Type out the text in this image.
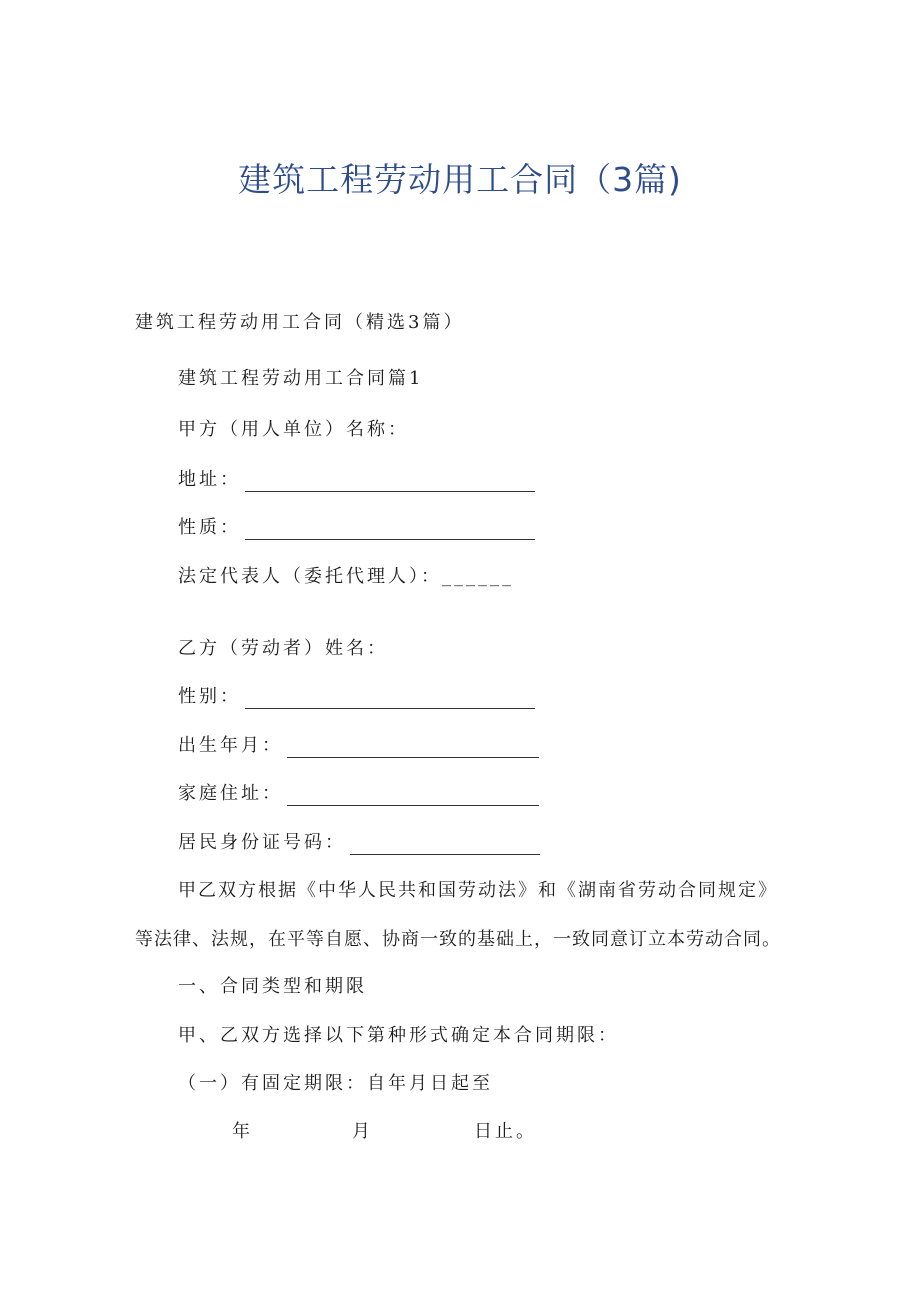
建筑工程劳动用工合同（3篇)
建筑工程劳动用工合同（精选3篇）
建筑工程劳动用工合同篇1
甲方（用人单位）名称：
地址：
性质：
法定代表人（委托代理人）：______
乙方（劳动者）姓名：
性别：
出生年月：
家庭住址：
居民身份证号码：
甲乙双方根据《中华人民共和国劳动法》和《湖南省劳动合同规定》
等法律、法规，在平等自愿、协商一致的基础上，一致同意订立本劳动合同。
一、合同类型和期限
甲、乙双方选择以下第种形式确定本合同期限：
（一）有固定期限：自年月日起至
年	月	日止。
